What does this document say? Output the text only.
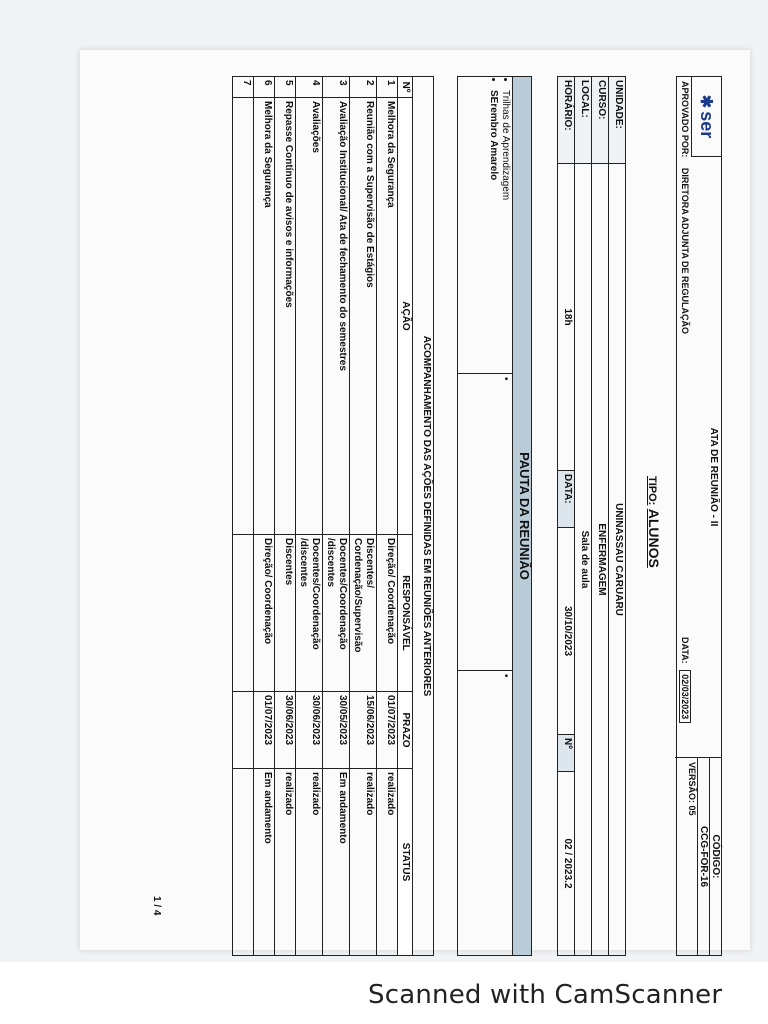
✱
ser
ATA DE REUNIÃO - II
APROVADO POR: DIRETORA ADJUNTA DE REGULAÇÃO
DATA: 02/03/2023
CÓDIGO:
CCG-FOR-16
VERSÃO: 05
TIPO: ALUNOS
UNIDADE:	UNINASSAU CARUARU				
CURSO:	ENFERMAGEM				
LOCAL:	Sala de aula				
HORÁRIO:	18h	DATA:	30/10/2023	Nº	02 / 2023.2
PAUTA DA REUNIÃO

• Trilhas de Aprendizagem
• SErembro Amarelo
	•	•
ACOMPANHAMENTO DAS AÇÕES DEFINIDAS EM REUNIÕES ANTERIORES				
Nº	AÇÃO	RESPONSÁVEL	PRAZO	STATUS
1	Melhora da Segurança	Direção/ Coordenação	01/07/2023	realizado
2	Reunião com a Supervisão de Estágios	Discentes/ Cordenação/Supervisão	15/06/2023	realizado
3	Avaliação Institucional/ Ata de fechamento do semestres	Docentes/Coordenação /discentes	30/05/2023	Em andamento
4	Avaliações	Docentes/Coordenação /discentes	30/06/2023	realizado
5	Repasse Contínuo de avisos e informações	Discentes	30/06/2023	realizado
6	Melhora da Segurança	Direção/ Coordenação	01/07/2023	Em andamento
7				
1 / 4
Scanned with CamScanner
